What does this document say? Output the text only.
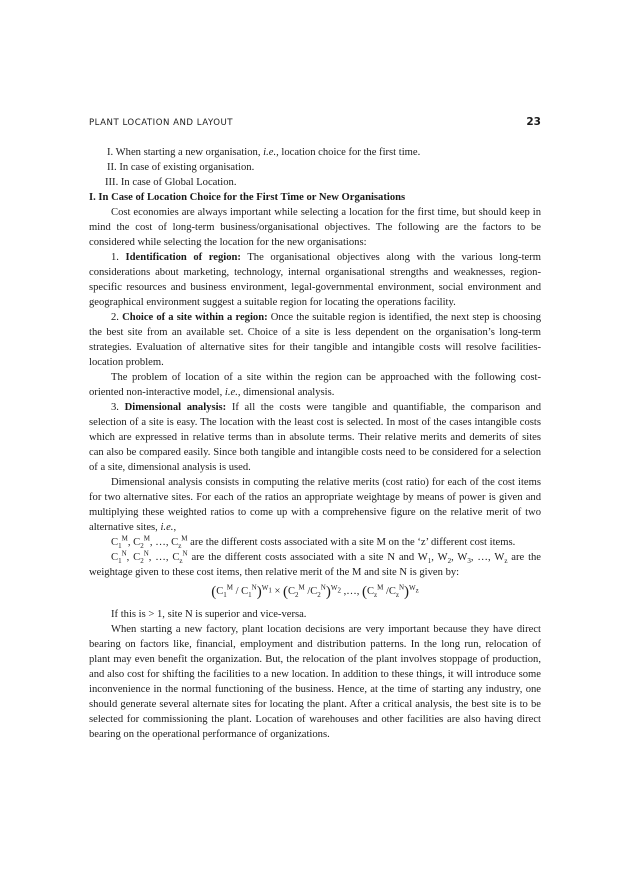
PLANT LOCATION AND LAYOUT	23
I. When starting a new organisation, i.e., location choice for the first time.
II. In case of existing organisation.
III. In case of Global Location.
I. In Case of Location Choice for the First Time or New Organisations

Cost economies are always important while selecting a location for the first time, but should keep in mind the cost of long-term business/organisational objectives. The following are the factors to be considered while selecting the location for the new organisations:

1. Identification of region: The organisational objectives along with the various long-term considerations about marketing, technology, internal organisational strengths and weaknesses, region-specific resources and business environment, legal-governmental environment, social environment and geographical environment suggest a suitable region for locating the operations facility.

2. Choice of a site within a region: Once the suitable region is identified, the next step is choosing the best site from an available set. Choice of a site is less dependent on the organisation’s long-term strategies. Evaluation of alternative sites for their tangible and intangible costs will resolve facilities-location problem.

The problem of location of a site within the region can be approached with the following cost-oriented non-interactive model, i.e., dimensional analysis.

3. Dimensional analysis: If all the costs were tangible and quantifiable, the comparison and selection of a site is easy. The location with the least cost is selected. In most of the cases intangible costs which are expressed in relative terms than in absolute terms. Their relative merits and demerits of sites can also be compared easily. Since both tangible and intangible costs need to be considered for a selection of a site, dimensional analysis is used.

Dimensional analysis consists in computing the relative merits (cost ratio) for each of the cost items for two alternative sites. For each of the ratios an appropriate weightage by means of power is given and multiplying these weighted ratios to come up with a comprehensive figure on the relative merit of two alternative sites, i.e.,

$C_1^M$, $C_2^M$, …, $C_z^M$ are the different costs associated with a site M on the ‘z’ different cost items.

$C_1^N$, $C_2^N$, …, $C_z^N$ are the different costs associated with a site N and $W_1$, $W_2$, $W_3$, …, $W_z$ are the weightage given to these cost items, then relative merit of the M and site N is given by:

$(C_1^M / C_1^N)^{W_1} \times (C_2^M$ $/C_2^N)^{W_2}$ ,…, ($C_z^M$ $/C_z^N)^{W_z}$

If this is > 1, site N is superior and vice-versa.

When starting a new factory, plant location decisions are very important because they have direct bearing on factors like, financial, employment and distribution patterns. In the long run, relocation of plant may even benefit the organization. But, the relocation of the plant involves stoppage of production, and also cost for shifting the facilities to a new location. In addition to these things, it will introduce some inconvenience in the normal functioning of the business. Hence, at the time of starting any industry, one should generate several alternate sites for locating the plant. After a critical analysis, the best site is to be selected for commissioning the plant. Location of warehouses and other facilities are also having direct bearing on the operational performance of organizations.
